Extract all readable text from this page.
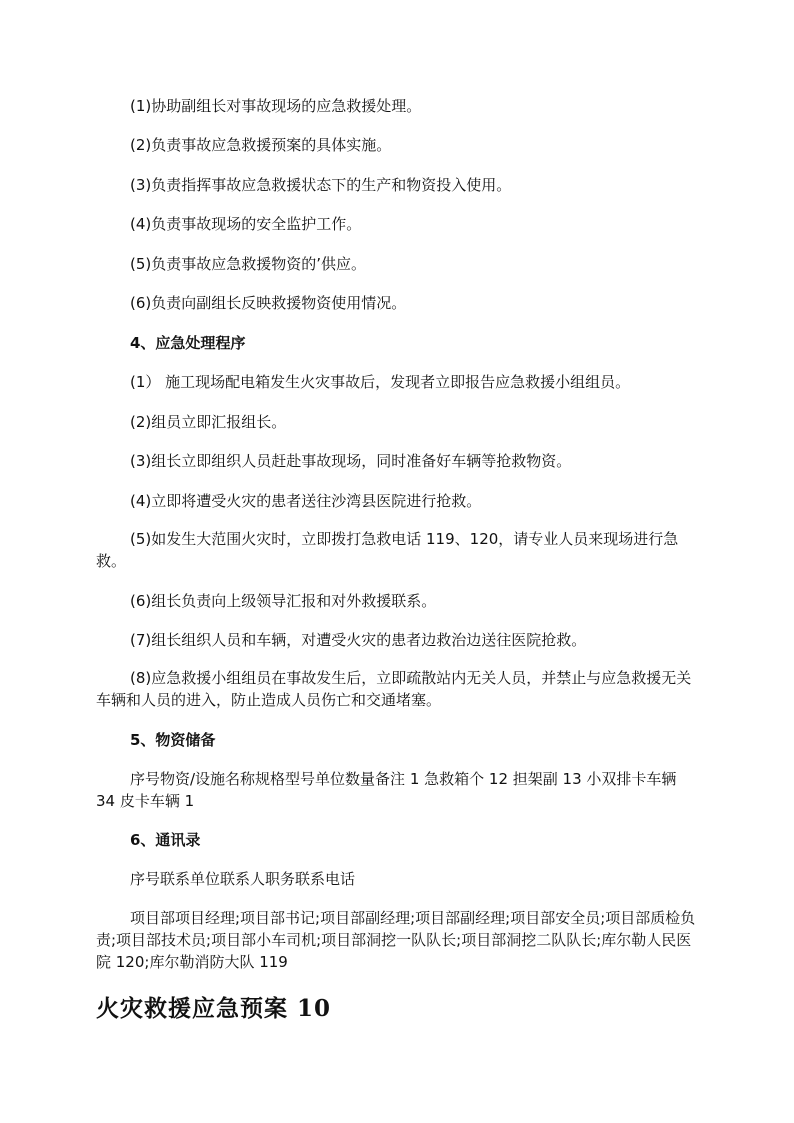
(1)协助副组长对事故现场的应急救援处理。
(2)负责事故应急救援预案的具体实施。
(3)负责指挥事故应急救援状态下的生产和物资投入使用。
(4)负责事故现场的安全监护工作。
(5)负责事故应急救援物资的’供应。
(6)负责向副组长反映救援物资使用情况。
4、应急处理程序
(1） 施工现场配电箱发生火灾事故后，发现者立即报告应急救援小组组员。
(2)组员立即汇报组长。
(3)组长立即组织人员赶赴事故现场，同时准备好车辆等抢救物资。
(4)立即将遭受火灾的患者送往沙湾县医院进行抢救。
(5)如发生大范围火灾时，立即拨打急救电话 119、120，请专业人员来现场进行急救。
(6)组长负责向上级领导汇报和对外救援联系。
(7)组长组织人员和车辆，对遭受火灾的患者边救治边送往医院抢救。
(8)应急救援小组组员在事故发生后，立即疏散站内无关人员，并禁止与应急救援无关车辆和人员的进入，防止造成人员伤亡和交通堵塞。
5、物资储备
序号物资/设施名称规格型号单位数量备注 1 急救箱个 12 担架副 13 小双排卡车辆 34 皮卡车辆 1
6、通讯录
序号联系单位联系人职务联系电话
项目部项目经理;项目部书记;项目部副经理;项目部副经理;项目部安全员;项目部质检负责;项目部技术员;项目部小车司机;项目部洞挖一队队长;项目部洞挖二队队长;库尔勒人民医院 120;库尔勒消防大队 119
火灾救援应急预案 10
